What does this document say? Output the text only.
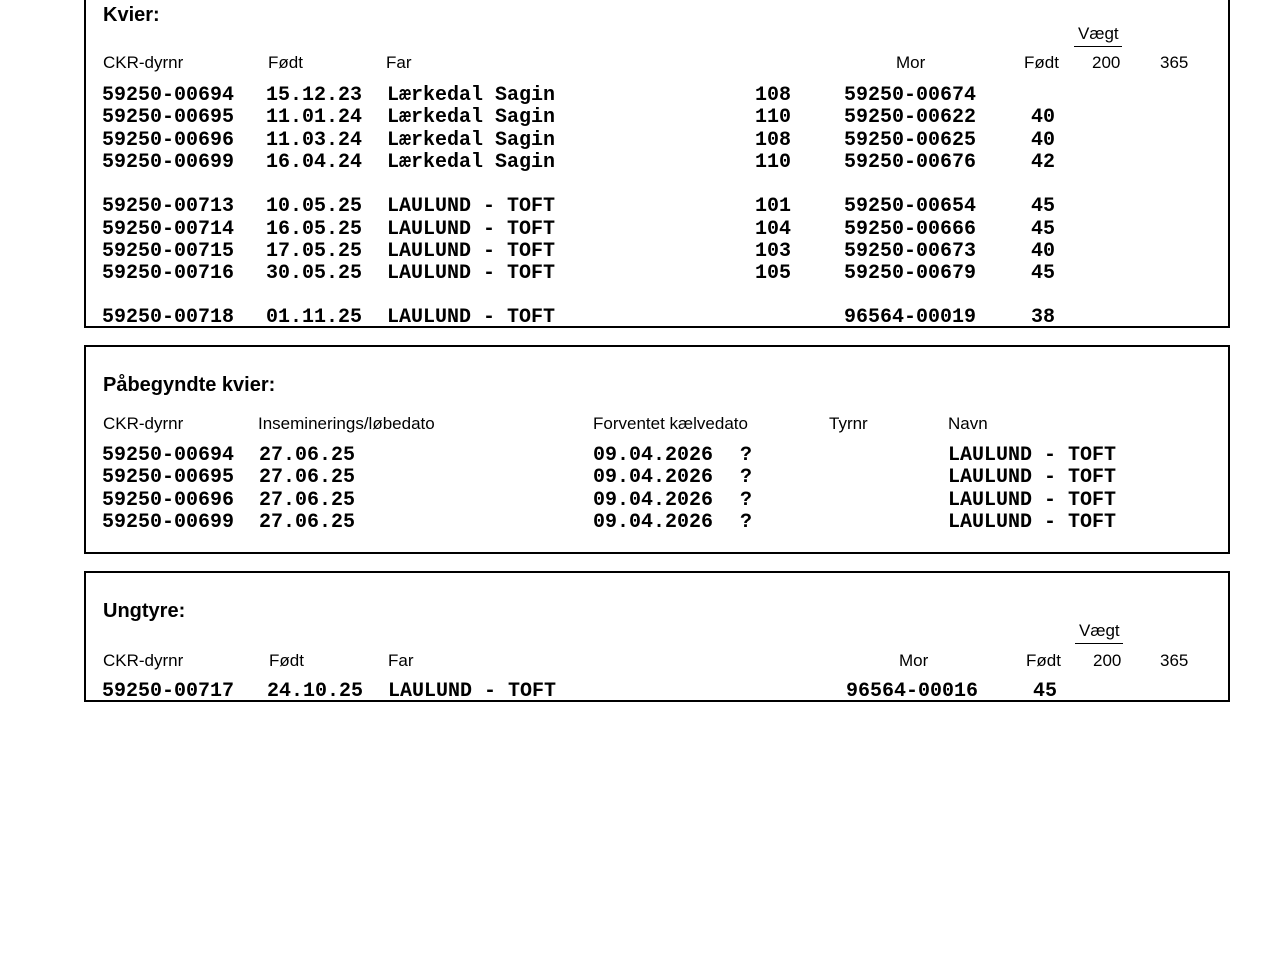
Kvier:
Vægt
CKR-dyrnr	Født	Far	Mor	Født 200 365
59250-00694 15.12.23 Lærkedal Sagin	108	59250-00674
59250-00695 11.01.24 Lærkedal Sagin	110	59250-00622	40
59250-00696 11.03.24 Lærkedal Sagin	108	59250-00625	40
59250-00699 16.04.24 Lærkedal Sagin	110	59250-00676	42
59250-00713 10.05.25 LAULUND - TOFT	101	59250-00654	45
59250-00714 16.05.25 LAULUND - TOFT	104	59250-00666	45
59250-00715 17.05.25 LAULUND - TOFT	103	59250-00673	40
59250-00716 30.05.25 LAULUND - TOFT	105	59250-00679	45
59250-00718 01.11.25 LAULUND - TOFT	96564-00019	38
Påbegyndte kvier:
CKR-dyrnr	Inseminerings/løbedato	Forventet kælvedato	Tyrnr	Navn
59250-00694 27.06.25	09.04.2026 ?	LAULUND - TOFT
59250-00695 27.06.25	09.04.2026 ?	LAULUND - TOFT
59250-00696 27.06.25	09.04.2026 ?	LAULUND - TOFT
59250-00699 27.06.25	09.04.2026 ?	LAULUND - TOFT
Ungtyre:
Vægt
CKR-dyrnr	Født	Far	Mor	Født 200 365
59250-00717 24.10.25 LAULUND - TOFT	96564-00016	45
